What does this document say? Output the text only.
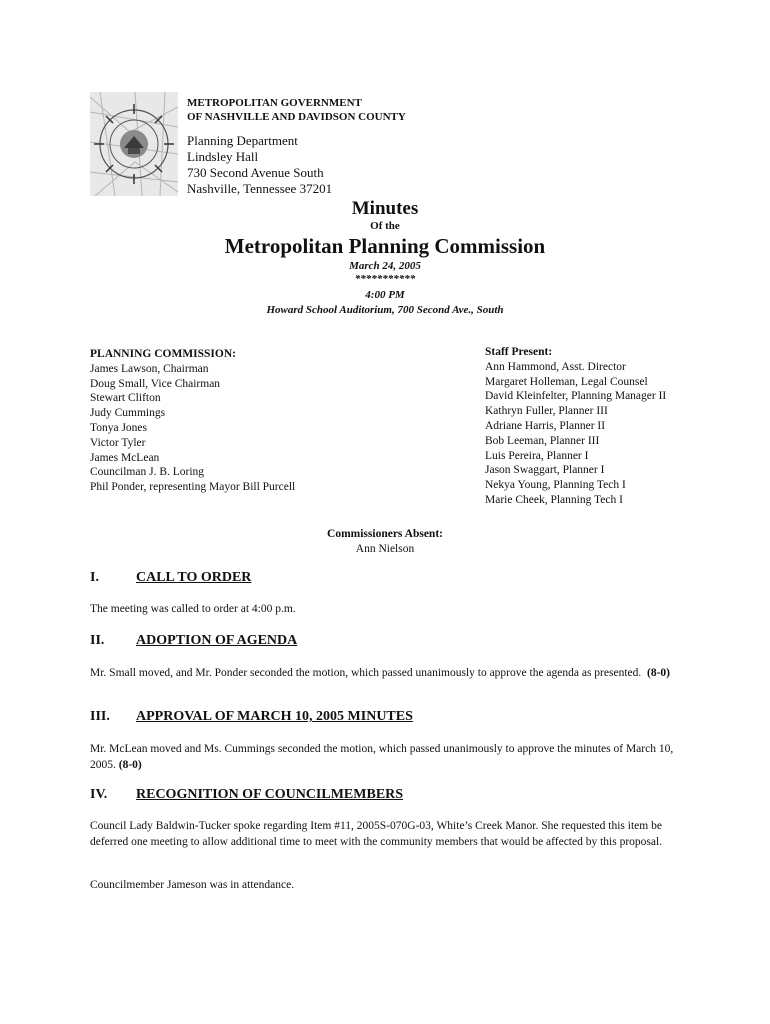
METROPOLITAN GOVERNMENT
OF NASHVILLE AND DAVIDSON COUNTY
Planning Department
Lindsley Hall
730 Second Avenue South
Nashville, Tennessee 37201
Minutes
Of the
Metropolitan Planning Commission
March 24, 2005
***********
4:00 PM
Howard School Auditorium, 700 Second Ave., South
PLANNING COMMISSION:
James Lawson, Chairman
Doug Small, Vice Chairman
Stewart Clifton
Judy Cummings
Tonya Jones
Victor Tyler
James McLean
Councilman J. B. Loring
Phil Ponder, representing Mayor Bill Purcell
Staff Present:
Ann Hammond, Asst. Director
Margaret Holleman, Legal Counsel
David Kleinfelter, Planning Manager II
Kathryn Fuller, Planner III
Adriane Harris, Planner II
Bob Leeman, Planner III
Luis Pereira, Planner I
Jason Swaggart, Planner I
Nekya Young, Planning Tech I
Marie Cheek, Planning Tech I
Commissioners Absent:
Ann Nielson
I.	CALL TO ORDER
The meeting was called to order at 4:00 p.m.
II. ADOPTION OF AGENDA
Mr. Small moved, and Mr. Ponder seconded the motion, which passed unanimously to approve the agenda as presented. (8-0)
III. APPROVAL OF MARCH 10, 2005 MINUTES
Mr. McLean moved and Ms. Cummings seconded the motion, which passed unanimously to approve the minutes of March 10, 2005. (8-0)
IV. RECOGNITION OF COUNCILMEMBERS
Council Lady Baldwin-Tucker spoke regarding Item #11, 2005S-070G-03, White’s Creek Manor. She requested this item be deferred one meeting to allow additional time to meet with the community members that would be affected by this proposal.
Councilmember Jameson was in attendance.
